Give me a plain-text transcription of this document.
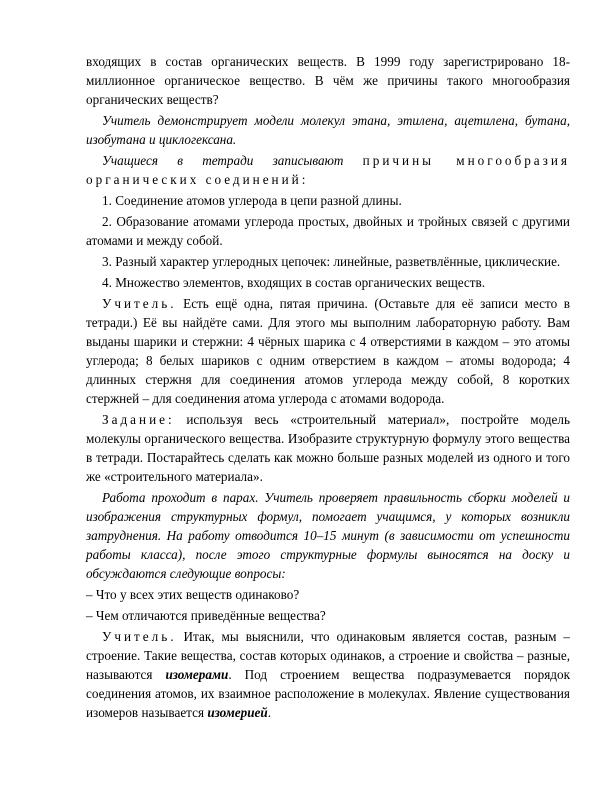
входящих в состав органических веществ. В 1999 году зарегистрировано 18-миллионное органическое вещество. В чём же причины такого многообразия органических веществ?

Учитель демонстрирует модели молекул этана, этилена, ацетилена, бутана, изобутана и циклогексана.

Учащиеся в тетради записывают причины многообразия органических соединений:

1. Соединение атомов углерода в цепи разной длины.

2. Образование атомами углерода простых, двойных и тройных связей с другими атомами и между собой.

3. Разный характер углеродных цепочек: линейные, разветвлённые, циклические.

4. Множество элементов, входящих в состав органических веществ.

Учитель. Есть ещё одна, пятая причина. (Оставьте для её записи место в тетради.) Её вы найдёте сами. Для этого мы выполним лабораторную работу. Вам выданы шарики и стержни: 4 чёрных шарика с 4 отверстиями в каждом – это атомы углерода; 8 белых шариков с одним отверстием в каждом – атомы водорода; 4 длинных стержня для соединения атомов углерода между собой, 8 коротких стержней – для соединения атома углерода с атомами водорода.

Задание: используя весь «строительный материал», постройте модель молекулы органического вещества. Изобразите структурную формулу этого вещества в тетради. Постарайтесь сделать как можно больше разных моделей из одного и того же «строительного материала».

Работа проходит в парах. Учитель проверяет правильность сборки моделей и изображения структурных формул, помогает учащимся, у которых возникли затруднения. На работу отводится 10–15 минут (в зависимости от успешности работы класса), после этого структурные формулы выносятся на доску и обсуждаются следующие вопросы:

– Что у всех этих веществ одинаково?

– Чем отличаются приведённые вещества?

Учитель. Итак, мы выяснили, что одинаковым является состав, разным – строение. Такие вещества, состав которых одинаков, а строение и свойства – разные, называются изомерами. Под строением вещества подразумевается порядок соединения атомов, их взаимное расположение в молекулах. Явление существования изомеров называется изомерией.
